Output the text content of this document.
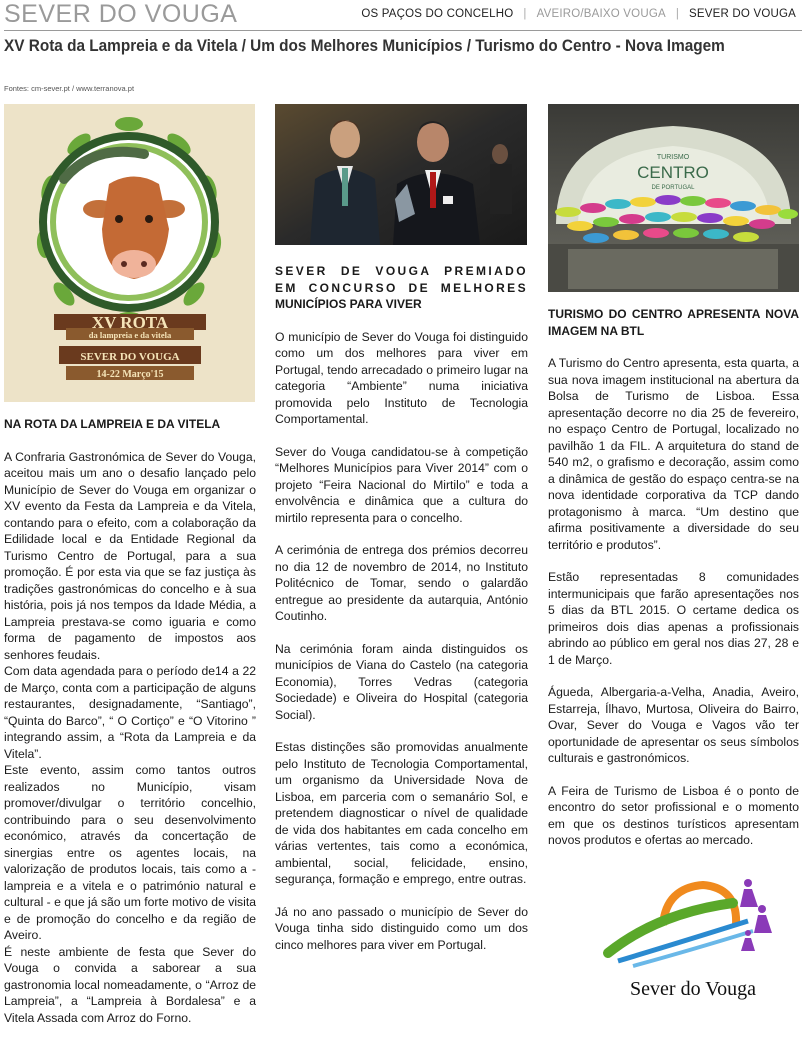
SEVER DO VOUGA	OS PAÇOS DO CONCELHO | AVEIRO/BAIXO VOUGA | SEVER DO VOUGA
XV Rota da Lampreia e da Vitela / Um dos Melhores Municípios / Turismo do Centro - Nova Imagem
Fontes: cm-sever.pt / www.terranova.pt
XV ROTA
da lampreia e da vitela
SEVER DO VOUGA
14-22 Março'15
NA ROTA DA LAMPREIA E DA VITELA

A Confraria Gastronómica de Sever do Vouga, aceitou mais um ano o desafio lançado pelo Município de Sever do Vouga em organizar o XV evento da Festa da Lampreia e da Vitela, contando para o efeito, com a colaboração da Edilidade local e da Entidade Regional da Turismo Centro de Portugal, para a sua promoção. É por esta via que se faz justiça às tradições gastronómicas do concelho e à sua história, pois já nos tempos da Idade Média, a Lampreia prestava-se como iguaria e como forma de pagamento de impostos aos senhores feudais.

Com data agendada para o período de14 a 22 de Março, conta com a participação de alguns restaurantes, designadamente, “Santiago”, “Quinta do Barco”, “ O Cortiço” e “O Vitorino ” integrando assim, a “Rota da Lampreia e da Vitela”.

Este evento, assim como tantos outros realizados no Município, visam promover/divulgar o território concelhio, contribuindo para o seu desenvolvimento económico, através da concertação de sinergias entre os agentes locais, na valorização de produtos locais, tais como a - lampreia e a vitela e o património natural e cultural - e que já são um forte motivo de visita e de promoção do concelho e da região de Aveiro.

É neste ambiente de festa que Sever do Vouga o convida a saborear a sua gastronomia local nomeadamente, o “Arroz de Lampreia”, a “Lampreia à Bordalesa” e a Vitela Assada com Arroz do Forno.

SEVER DE VOUGA PREMIADO EM CONCURSO DE MELHORES MUNICÍPIOS PARA VIVER

O município de Sever do Vouga foi distinguido como um dos melhores para viver em Portugal, tendo arrecadado o primeiro lugar na categoria “Ambiente” numa iniciativa promovida pelo Instituto de Tecnologia Comportamental.

Sever do Vouga candidatou-se à competição “Melhores Municípios para Viver 2014” com o projeto “Feira Nacional do Mirtilo” e toda a envolvência e dinâmica que a cultura do mirtilo representa para o concelho.

A cerimónia de entrega dos prémios decorreu no dia 12 de novembro de 2014, no Instituto Politécnico de Tomar, sendo o galardão entregue ao presidente da autarquia, António Coutinho.

Na cerimónia foram ainda distinguidos os municípios de Viana do Castelo (na categoria Economia), Torres Vedras (categoria Sociedade) e Oliveira do Hospital (categoria Social).

Estas distinções são promovidas anualmente pelo Instituto de Tecnologia Comportamental, um organismo da Universidade Nova de Lisboa, em parceria com o semanário Sol, e pretendem diagnosticar o nível de qualidade de vida dos habitantes em cada concelho em várias vertentes, tais como a económica, ambiental, social, felicidade, ensino, segurança, formação e emprego, entre outras.

Já no ano passado o município de Sever do Vouga tinha sido distinguido como um dos cinco melhores para viver em Portugal.

TURISMO
CENTRO
DE PORTUGAL
TURISMO DO CENTRO APRESENTA NOVA IMAGEM NA BTL

A Turismo do Centro apresenta, esta quarta, a sua nova imagem institucional na abertura da Bolsa de Turismo de Lisboa. Essa apresentação decorre no dia 25 de fevereiro, no espaço Centro de Portugal, localizado no pavilhão 1 da FIL. A arquitetura do stand de 540 m2, o grafismo e decoração, assim como a dinâmica de gestão do espaço centra-se na nova identidade corporativa da TCP dando protagonismo à marca. “Um destino que afirma positivamente a diversidade do seu território e produtos”.

Estão representadas 8 comunidades intermunicipais que farão apresentações nos 5 dias da BTL 2015. O certame dedica os primeiros dois dias apenas a profissionais abrindo ao público em geral nos dias 27, 28 e 1 de Março.

Águeda, Albergaria-a-Velha, Anadia, Aveiro, Estarreja, Ílhavo, Murtosa, Oliveira do Bairro, Ovar, Sever do Vouga e Vagos vão ter oportunidade de apresentar os seus símbolos culturais e gastronómicos.

A Feira de Turismo de Lisboa é o ponto de encontro do setor profissional e o momento em que os destinos turísticos apresentam novos produtos e ofertas ao mercado.

Sever do Vouga
